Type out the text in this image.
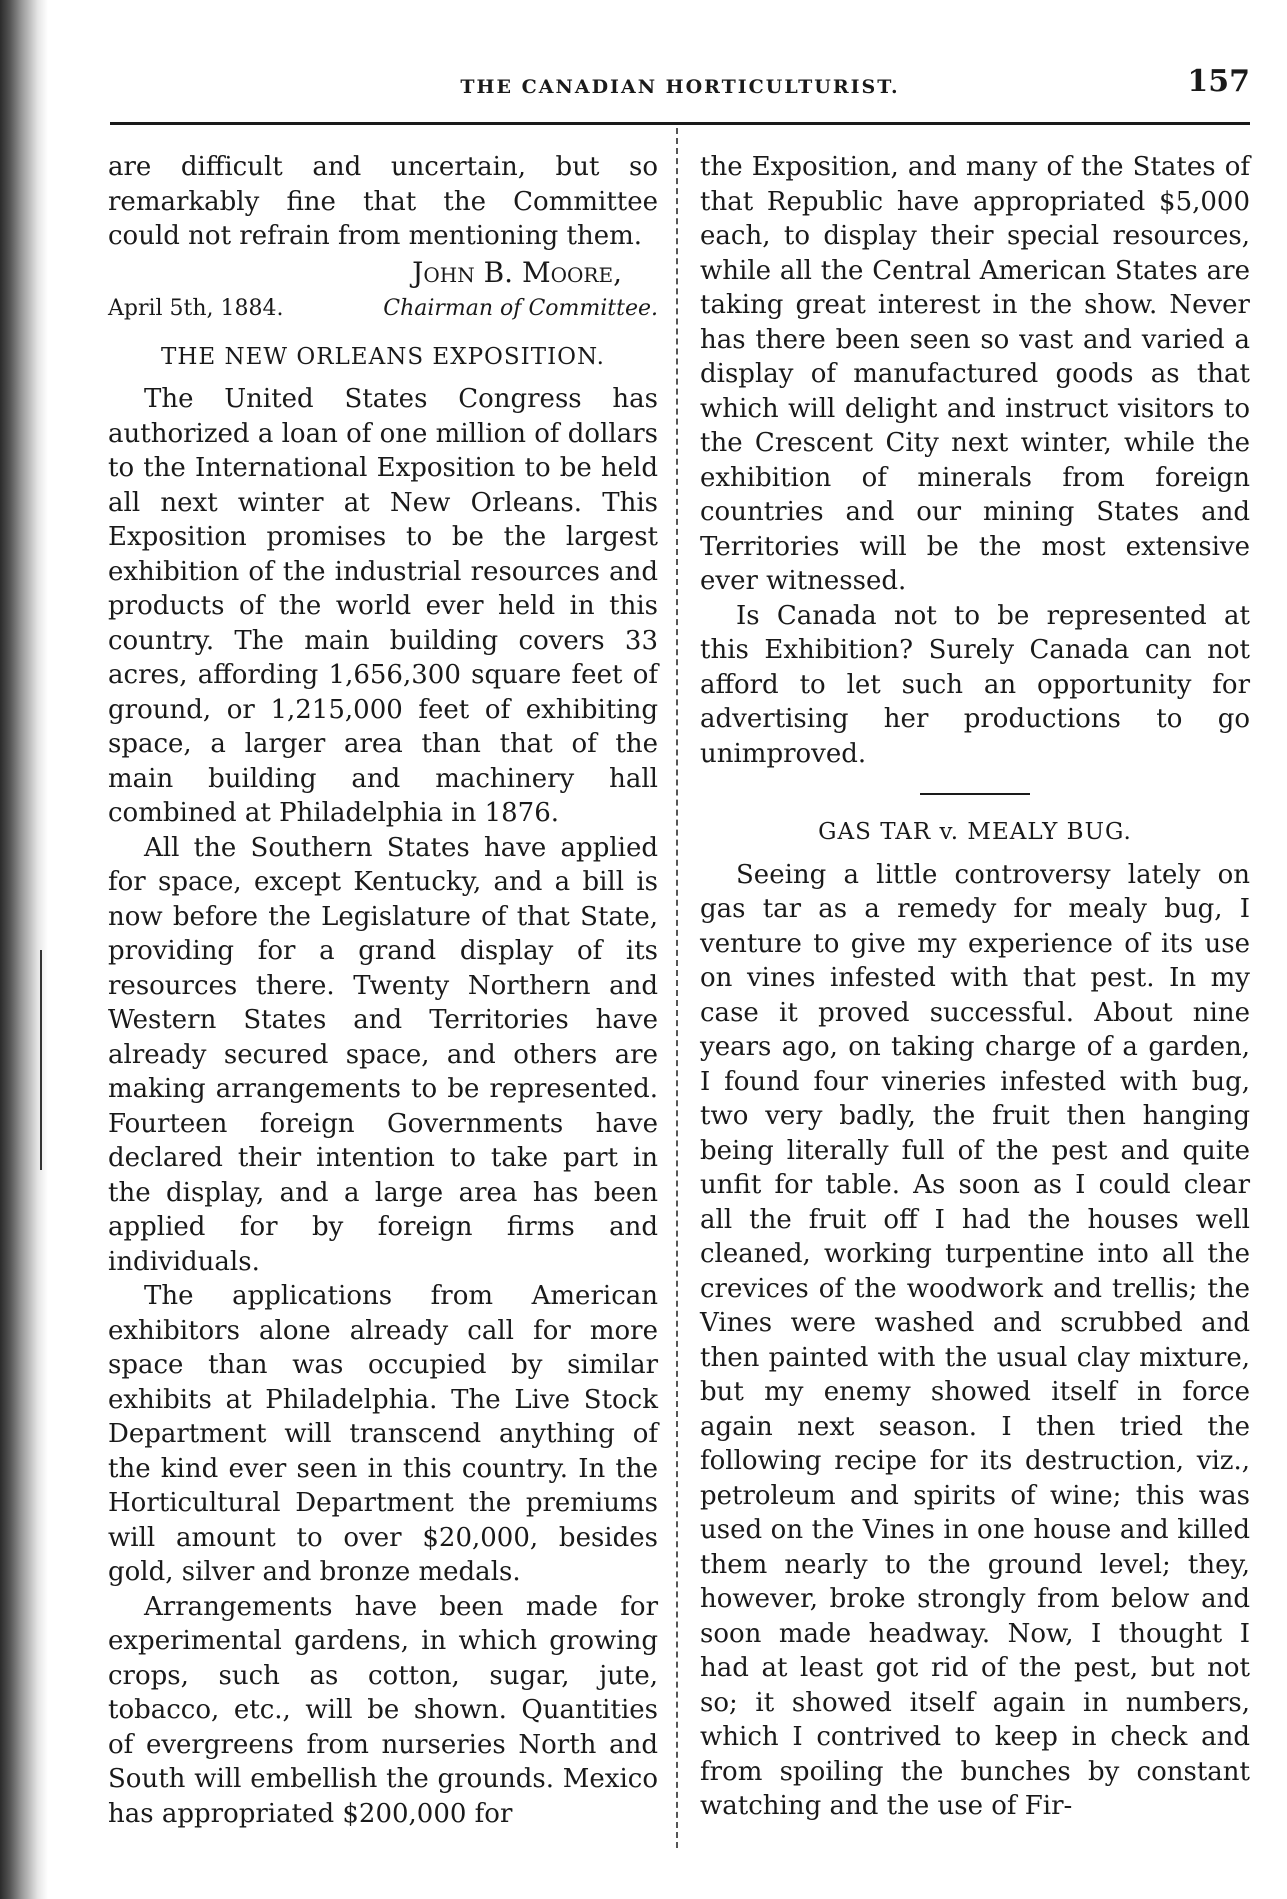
THE CANADIAN HORTICULTURIST.	157

are difficult and uncertain, but so remarkably fine that the Committee could not refrain from mentioning them.

John B. Moore,
April 5th, 1884.	Chairman of Committee.
THE NEW ORLEANS EXPOSITION.

The United States Congress has authorized a loan of one million of dollars to the International Exposition to be held all next winter at New Orleans. This Exposition promises to be the largest exhibition of the industrial resources and products of the world ever held in this country. The main building covers 33 acres, affording 1,656,300 square feet of ground, or 1,215,000 feet of exhibiting space, a larger area than that of the main building and machinery hall combined at Philadelphia in 1876.

All the Southern States have applied for space, except Kentucky, and a bill is now before the Legislature of that State, providing for a grand display of its resources there. Twenty Northern and Western States and Territories have already secured space, and others are making arrangements to be represented. Fourteen foreign Governments have declared their intention to take part in the display, and a large area has been applied for by foreign firms and individuals.

The applications from American exhibitors alone already call for more space than was occupied by similar exhibits at Philadelphia. The Live Stock Department will transcend anything of the kind ever seen in this country. In the Horticultural Department the premiums will amount to over $20,000, besides gold, silver and bronze medals.

Arrangements have been made for experimental gardens, in which growing crops, such as cotton, sugar, jute, tobacco, etc., will be shown. Quantities of evergreens from nurseries North and South will embellish the grounds. Mexico has appropriated $200,000 for

the Exposition, and many of the States of that Republic have appropriated $5,000 each, to display their special resources, while all the Central American States are taking great interest in the show. Never has there been seen so vast and varied a display of manufactured goods as that which will delight and instruct visitors to the Crescent City next winter, while the exhibition of minerals from foreign countries and our mining States and Territories will be the most extensive ever witnessed.

Is Canada not to be represented at this Exhibition? Surely Canada can not afford to let such an opportunity for advertising her productions to go unimproved.

GAS TAR v. MEALY BUG.

Seeing a little controversy lately on gas tar as a remedy for mealy bug, I venture to give my experience of its use on vines infested with that pest. In my case it proved successful. About nine years ago, on taking charge of a garden, I found four vineries infested with bug, two very badly, the fruit then hanging being literally full of the pest and quite unfit for table. As soon as I could clear all the fruit off I had the houses well cleaned, working turpentine into all the crevices of the woodwork and trellis; the Vines were washed and scrubbed and then painted with the usual clay mixture, but my enemy showed itself in force again next season. I then tried the following recipe for its destruction, viz., petroleum and spirits of wine; this was used on the Vines in one house and killed them nearly to the ground level; they, however, broke strongly from below and soon made headway. Now, I thought I had at least got rid of the pest, but not so; it showed itself again in numbers, which I contrived to keep in check and from spoiling the bunches by constant watching and the use of Fir-
